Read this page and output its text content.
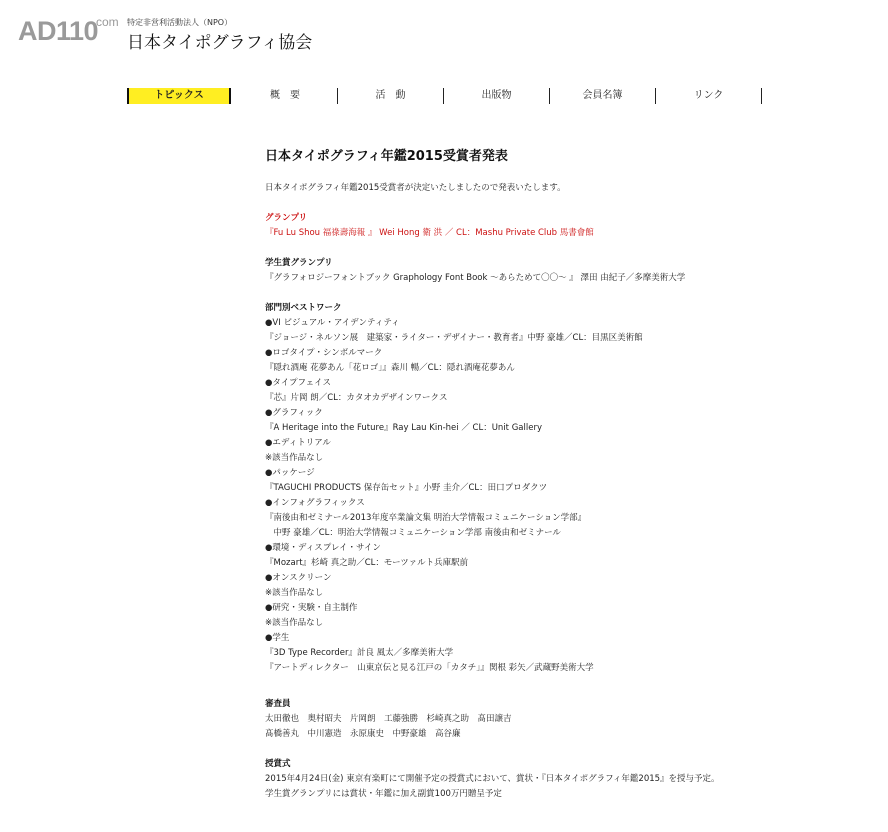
AD110
com 特定非営利活動法人（NPO）
日本タイポグラフィ協会
トピックス	概　要	活　動	出版物	会員名簿	リンク
日本タイポグラフィ年鑑2015受賞者発表
日本タイポグラフィ年鑑2015受賞者が決定いたしましたので発表いたします。
グランプリ
『Fu Lu Shou 福祿壽海報 』 Wei Hong 衛 洪 ／ CL：Mashu Private Club 馬書會館
学生賞グランプリ
『グラフォロジーフォントブック Graphology Font Book 〜あらためて〇〇〜 』 澤田 由紀子／多摩美術大学
部門別ベストワーク
●VI ビジュアル・アイデンティティ
『ジョージ・ネルソン展　建築家・ライター・デザイナー・教育者』中野 豪雄／CL：目黒区美術館
●ロゴタイプ・シンボルマーク
『隠れ酒庵 花夢あん「花ロゴ」』森川 暢／CL：隠れ酒庵花夢あん
●タイプフェイス
『芯』片岡 朗／CL：カタオカデザインワークス
●グラフィック
『A Heritage into the Future』Ray Lau Kin-hei ／ CL：Unit Gallery
●エディトリアル
※該当作品なし
●パッケージ
『TAGUCHI PRODUCTS 保存缶セット』小野 圭介／CL：田口プロダクツ
●インフォグラフィックス
『南後由和ゼミナール2013年度卒業論文集 明治大学情報コミュニケーション学部』
　中野 豪雄／CL：明治大学情報コミュニケーション学部 南後由和ゼミナール
●環境・ディスプレイ・サイン
『Mozart』杉崎 真之助／CL：モーツァルト兵庫駅前
●オンスクリーン
※該当作品なし
●研究・実験・自主制作
※該当作品なし
●学生
『3D Type Recorder』計良 風太／多摩美術大学
『アートディレクター　山東京伝と見る江戸の「カタチ」』関根 彩矢／武蔵野美術大学
審査員
太田徹也　奥村昭夫　片岡朗　工藤強勝　杉崎真之助　髙田譲吉
髙橋善丸　中川憲造　永原康史　中野豪雄　高谷廉
授賞式
2015年4月24日(金) 東京有楽町にて開催予定の授賞式において、賞状・『日本タイポグラフィ年鑑2015』を授与予定。
学生賞グランプリには賞状・年鑑に加え副賞100万円贈呈予定
